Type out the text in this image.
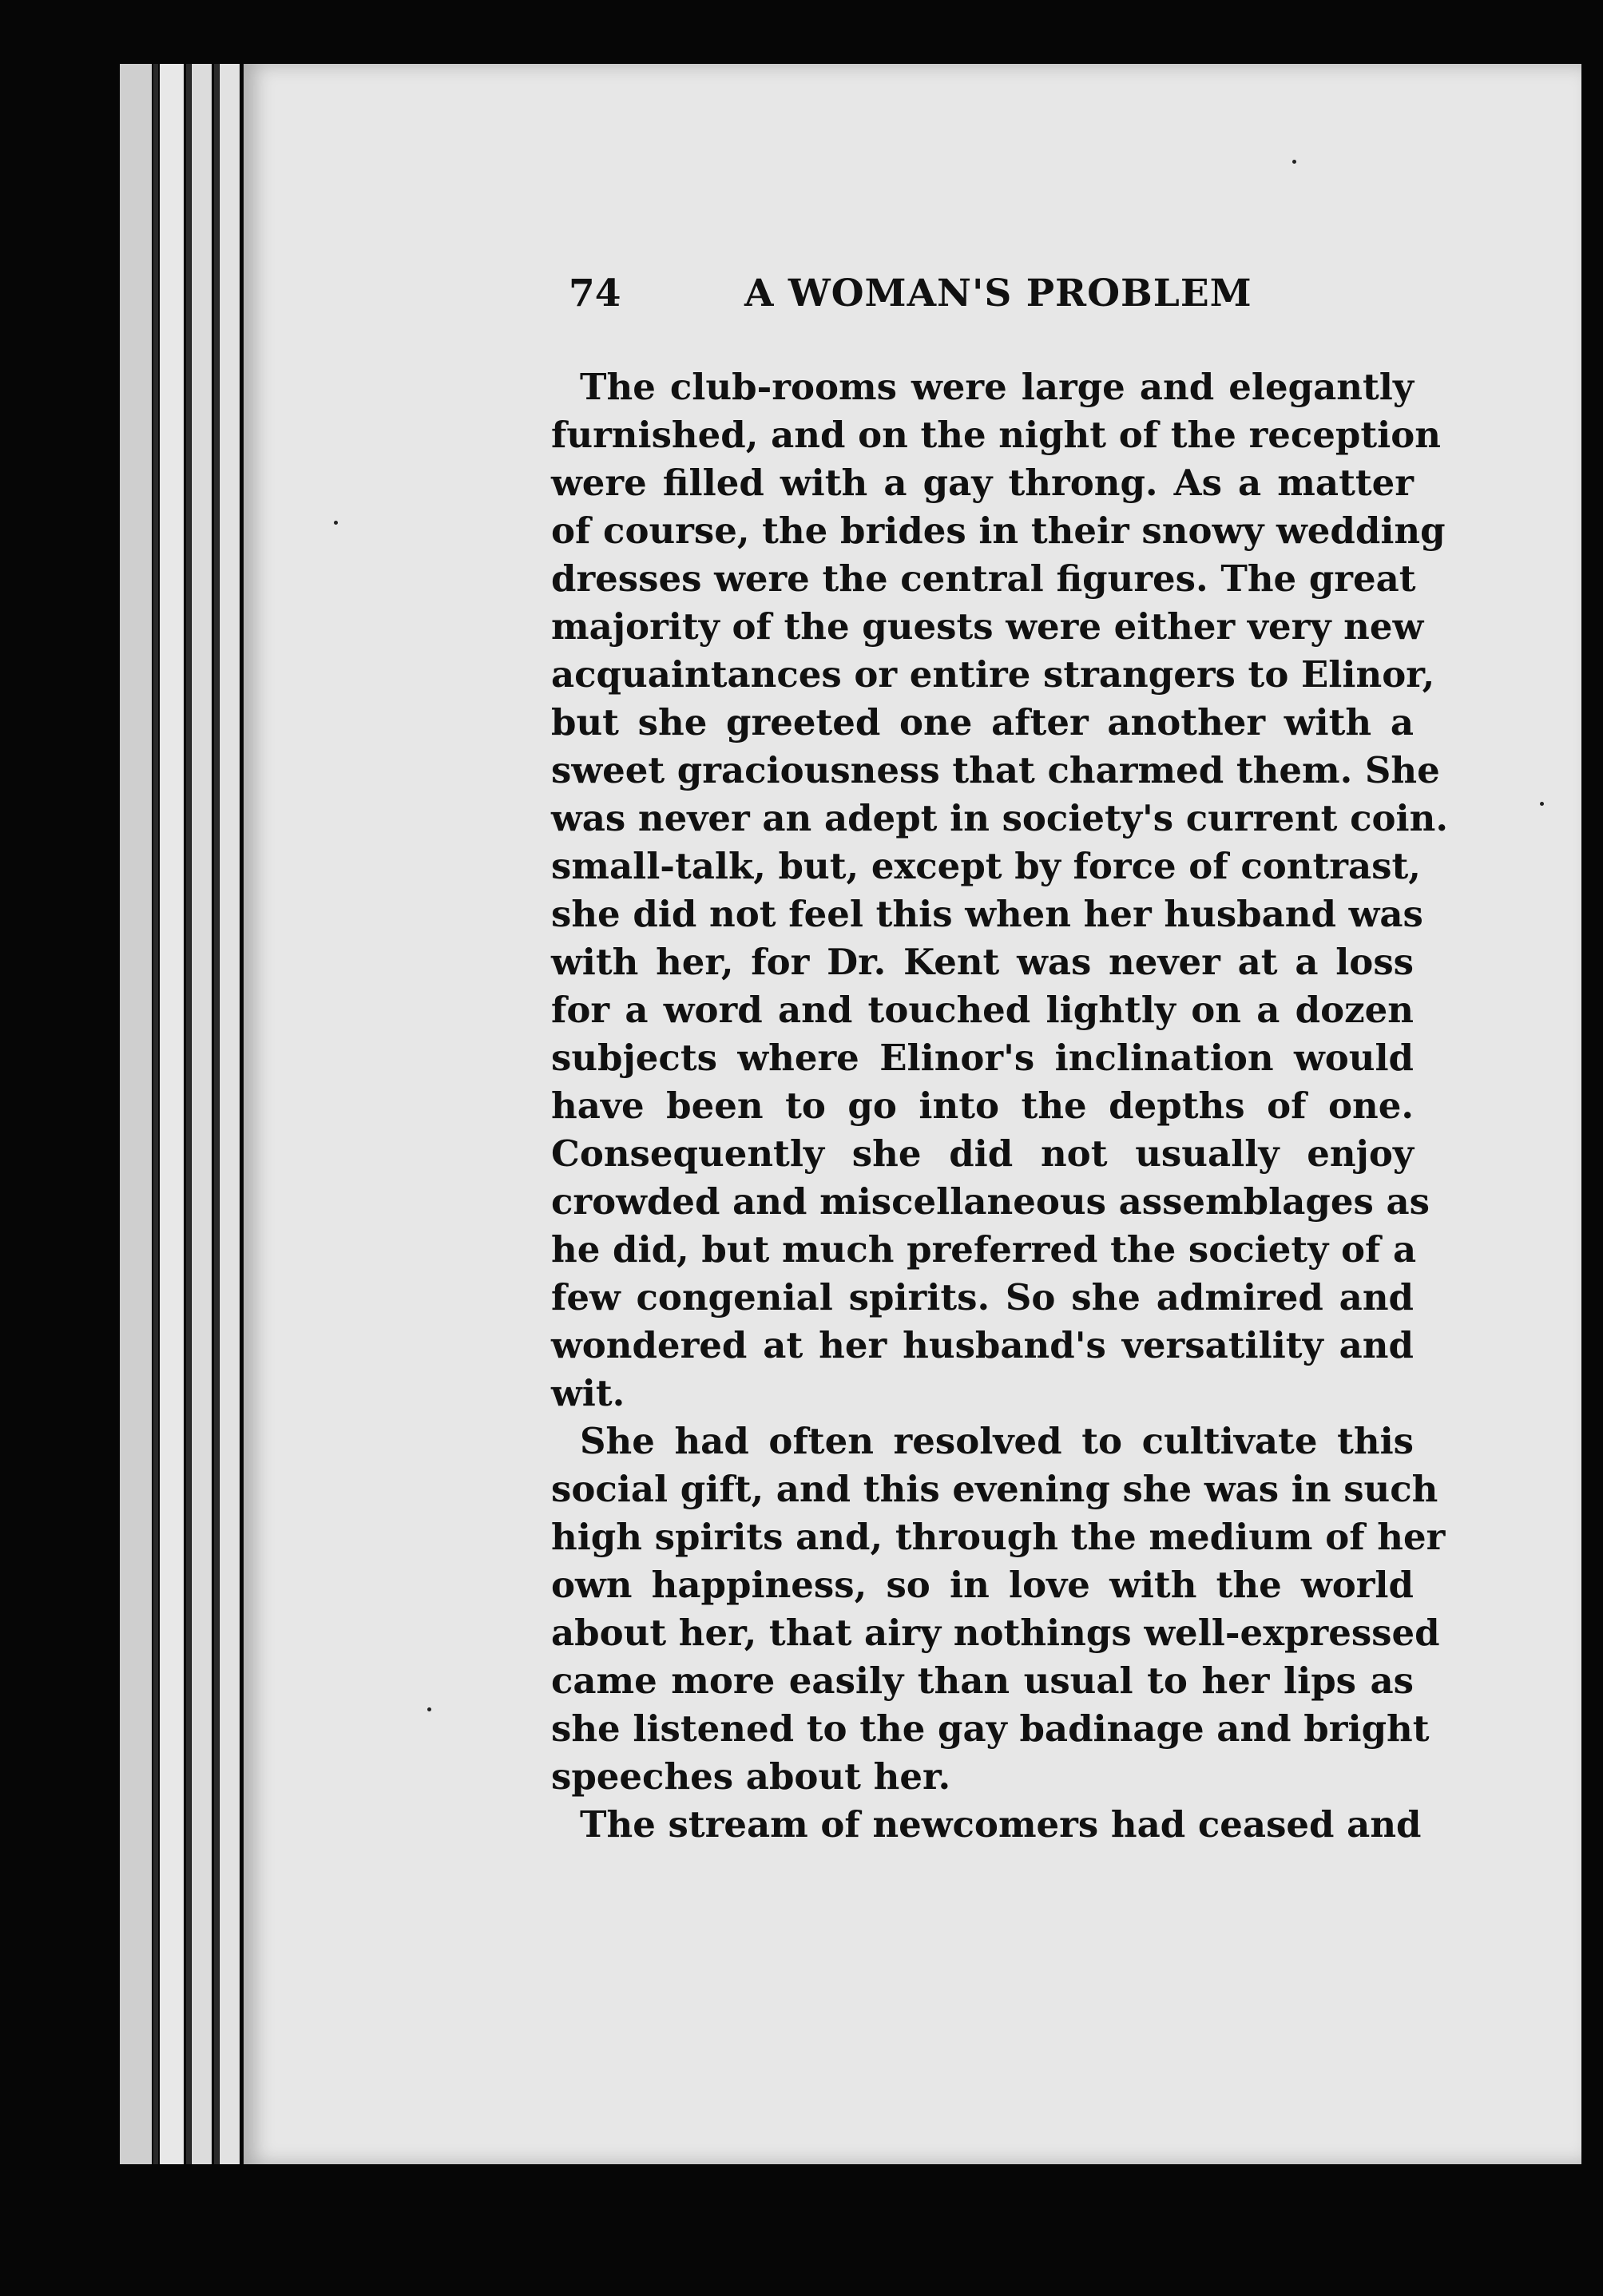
74	A WOMAN'S PROBLEM
The club-rooms were large and elegantly
furnished, and on the night of the reception
were filled with a gay throng. As a matter
of course, the brides in their snowy wedding
dresses were the central figures. The great
majority of the guests were either very new
acquaintances or entire strangers to Elinor,
but she greeted one after another with a
sweet graciousness that charmed them. She
was never an adept in society's current coin.
small-talk, but, except by force of contrast,
she did not feel this when her husband was
with her, for Dr. Kent was never at a loss
for a word and touched lightly on a dozen
subjects where Elinor's inclination would
have been to go into the depths of one.
Consequently she did not usually enjoy
crowded and miscellaneous assemblages as
he did, but much preferred the society of a
few congenial spirits. So she admired and
wondered at her husband's versatility and
wit.
She had often resolved to cultivate this
social gift, and this evening she was in such
high spirits and, through the medium of her
own happiness, so in love with the world
about her, that airy nothings well-expressed
came more easily than usual to her lips as
she listened to the gay badinage and bright
speeches about her.
The stream of newcomers had ceased and
